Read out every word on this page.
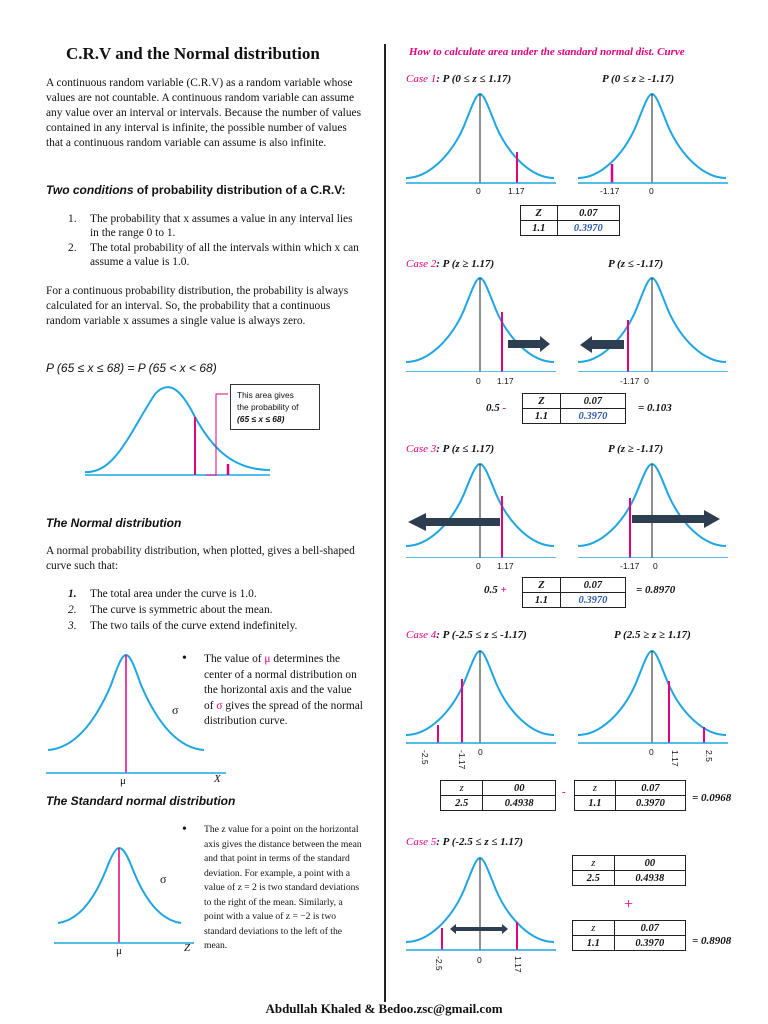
C.R.V and the Normal distribution
A continuous random variable (C.R.V) as a random variable whose values are not countable. A continuous random variable can assume any value over an interval or intervals. Because the number of values contained in any interval is infinite, the possible number of values that a continuous random variable can assume is also infinite.
Two conditions of probability distribution of a C.R.V:
1. The probability that x assumes a value in any interval lies in the range 0 to 1.
2. The total probability of all the intervals within which x can assume a value is 1.0.
For a continuous probability distribution, the probability is always calculated for an interval. So, the probability that a continuous random variable x assumes a single value is always zero.
P (65 ≤ x ≤ 68) = P (65 < x < 68)
This area gives
the probability of
(65 ≤ x ≤ 68)
The Normal distribution
A normal probability distribution, when plotted, gives a bell-shaped curve such that:
1. The total area under the curve is 1.0.
2. The curve is symmetric about the mean.
3. The two tails of the curve extend indefinitely.
σ
μ	X
• The value of μ determines the center of a normal distribution on the horizontal axis and the value of σ gives the spread of the normal distribution curve.
The Standard normal distribution
σ
μ	Z
• The z value for a point on the horizontal axis gives the distance between the mean and that point in terms of the standard deviation. For example, a point with a value of z = 2 is two standard deviations to the right of the mean. Similarly, a point with a value of z = −2 is two standard deviations to the left of the mean.
How to calculate area under the standard normal dist. Curve
Case 1: P (0 ≤ z ≤ 1.17)	P (0 ≤ z ≥ -1.17)
0	1.17	-1.17	0
Z	0.07
1.1	0.3970
Case 2: P (z ≥ 1.17)	P (z ≤ -1.17)
0 1.17	-1.17  0
0.5 -
Z	0.07
1.1	0.3970
= 0.103
Case 3: P (z ≤ 1.17)	P (z ≥ -1.17)
0 1.17	-1.17 0
0.5 +	Z	0.07
1.1	0.3970
= 0.8970
Case 4: P (-2.5 ≤ z ≤ -1.17)	P (2.5 ≥ z ≥ 1.17)
-2.5	-1.17 0	0 1.17	2.5
z	00
2.5	0.4938
-	z	0.07
1.1	0.3970 = 0.0968
Case 5: P (-2.5 ≤ z ≤ 1.17)
-2.5	0	1.17
z	00
2.5	0.4938
+
z	0.07
1.1	0.3970	= 0.8908
Abdullah Khaled & Bedoo.zsc@gmail.com
